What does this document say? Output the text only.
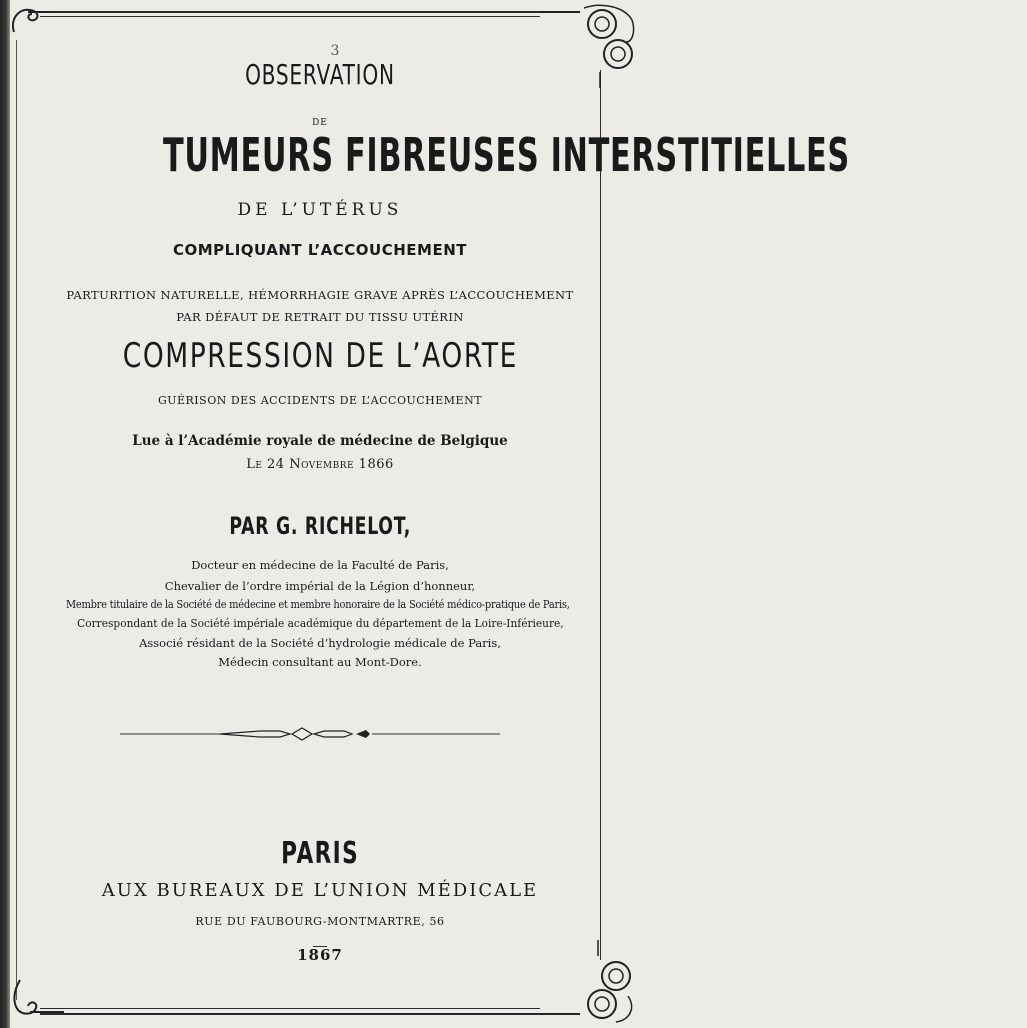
3
OBSERVATION
DE
TUMEURS FIBREUSES INTERSTITIELLES
DE L’UTÉRUS
COMPLIQUANT L’ACCOUCHEMENT
PARTURITION NATURELLE, HÉMORRHAGIE GRAVE APRÈS L’ACCOUCHEMENT
PAR DÉFAUT DE RETRAIT DU TISSU UTÉRIN
COMPRESSION DE L’AORTE
GUÉRISON DES ACCIDENTS DE L’ACCOUCHEMENT
Lue à l’Académie royale de médecine de Belgique
Le 24 Novembre 1866
PAR G. RICHELOT,
Docteur en médecine de la Faculté de Paris,
Chevalier de l’ordre impérial de la Légion d’honneur,
Membre titulaire de la Société de médecine et membre honoraire de la Société médico-pratique de Paris,
Correspondant de la Société impériale académique du département de la Loire-Inférieure,
Associé résidant de la Société d’hydrologie médicale de Paris,
Médecin consultant au Mont-Dore.
PARIS
AUX BUREAUX DE L’UNION MÉDICALE
RUE DU FAUBOURG-MONTMARTRE, 56
1867
